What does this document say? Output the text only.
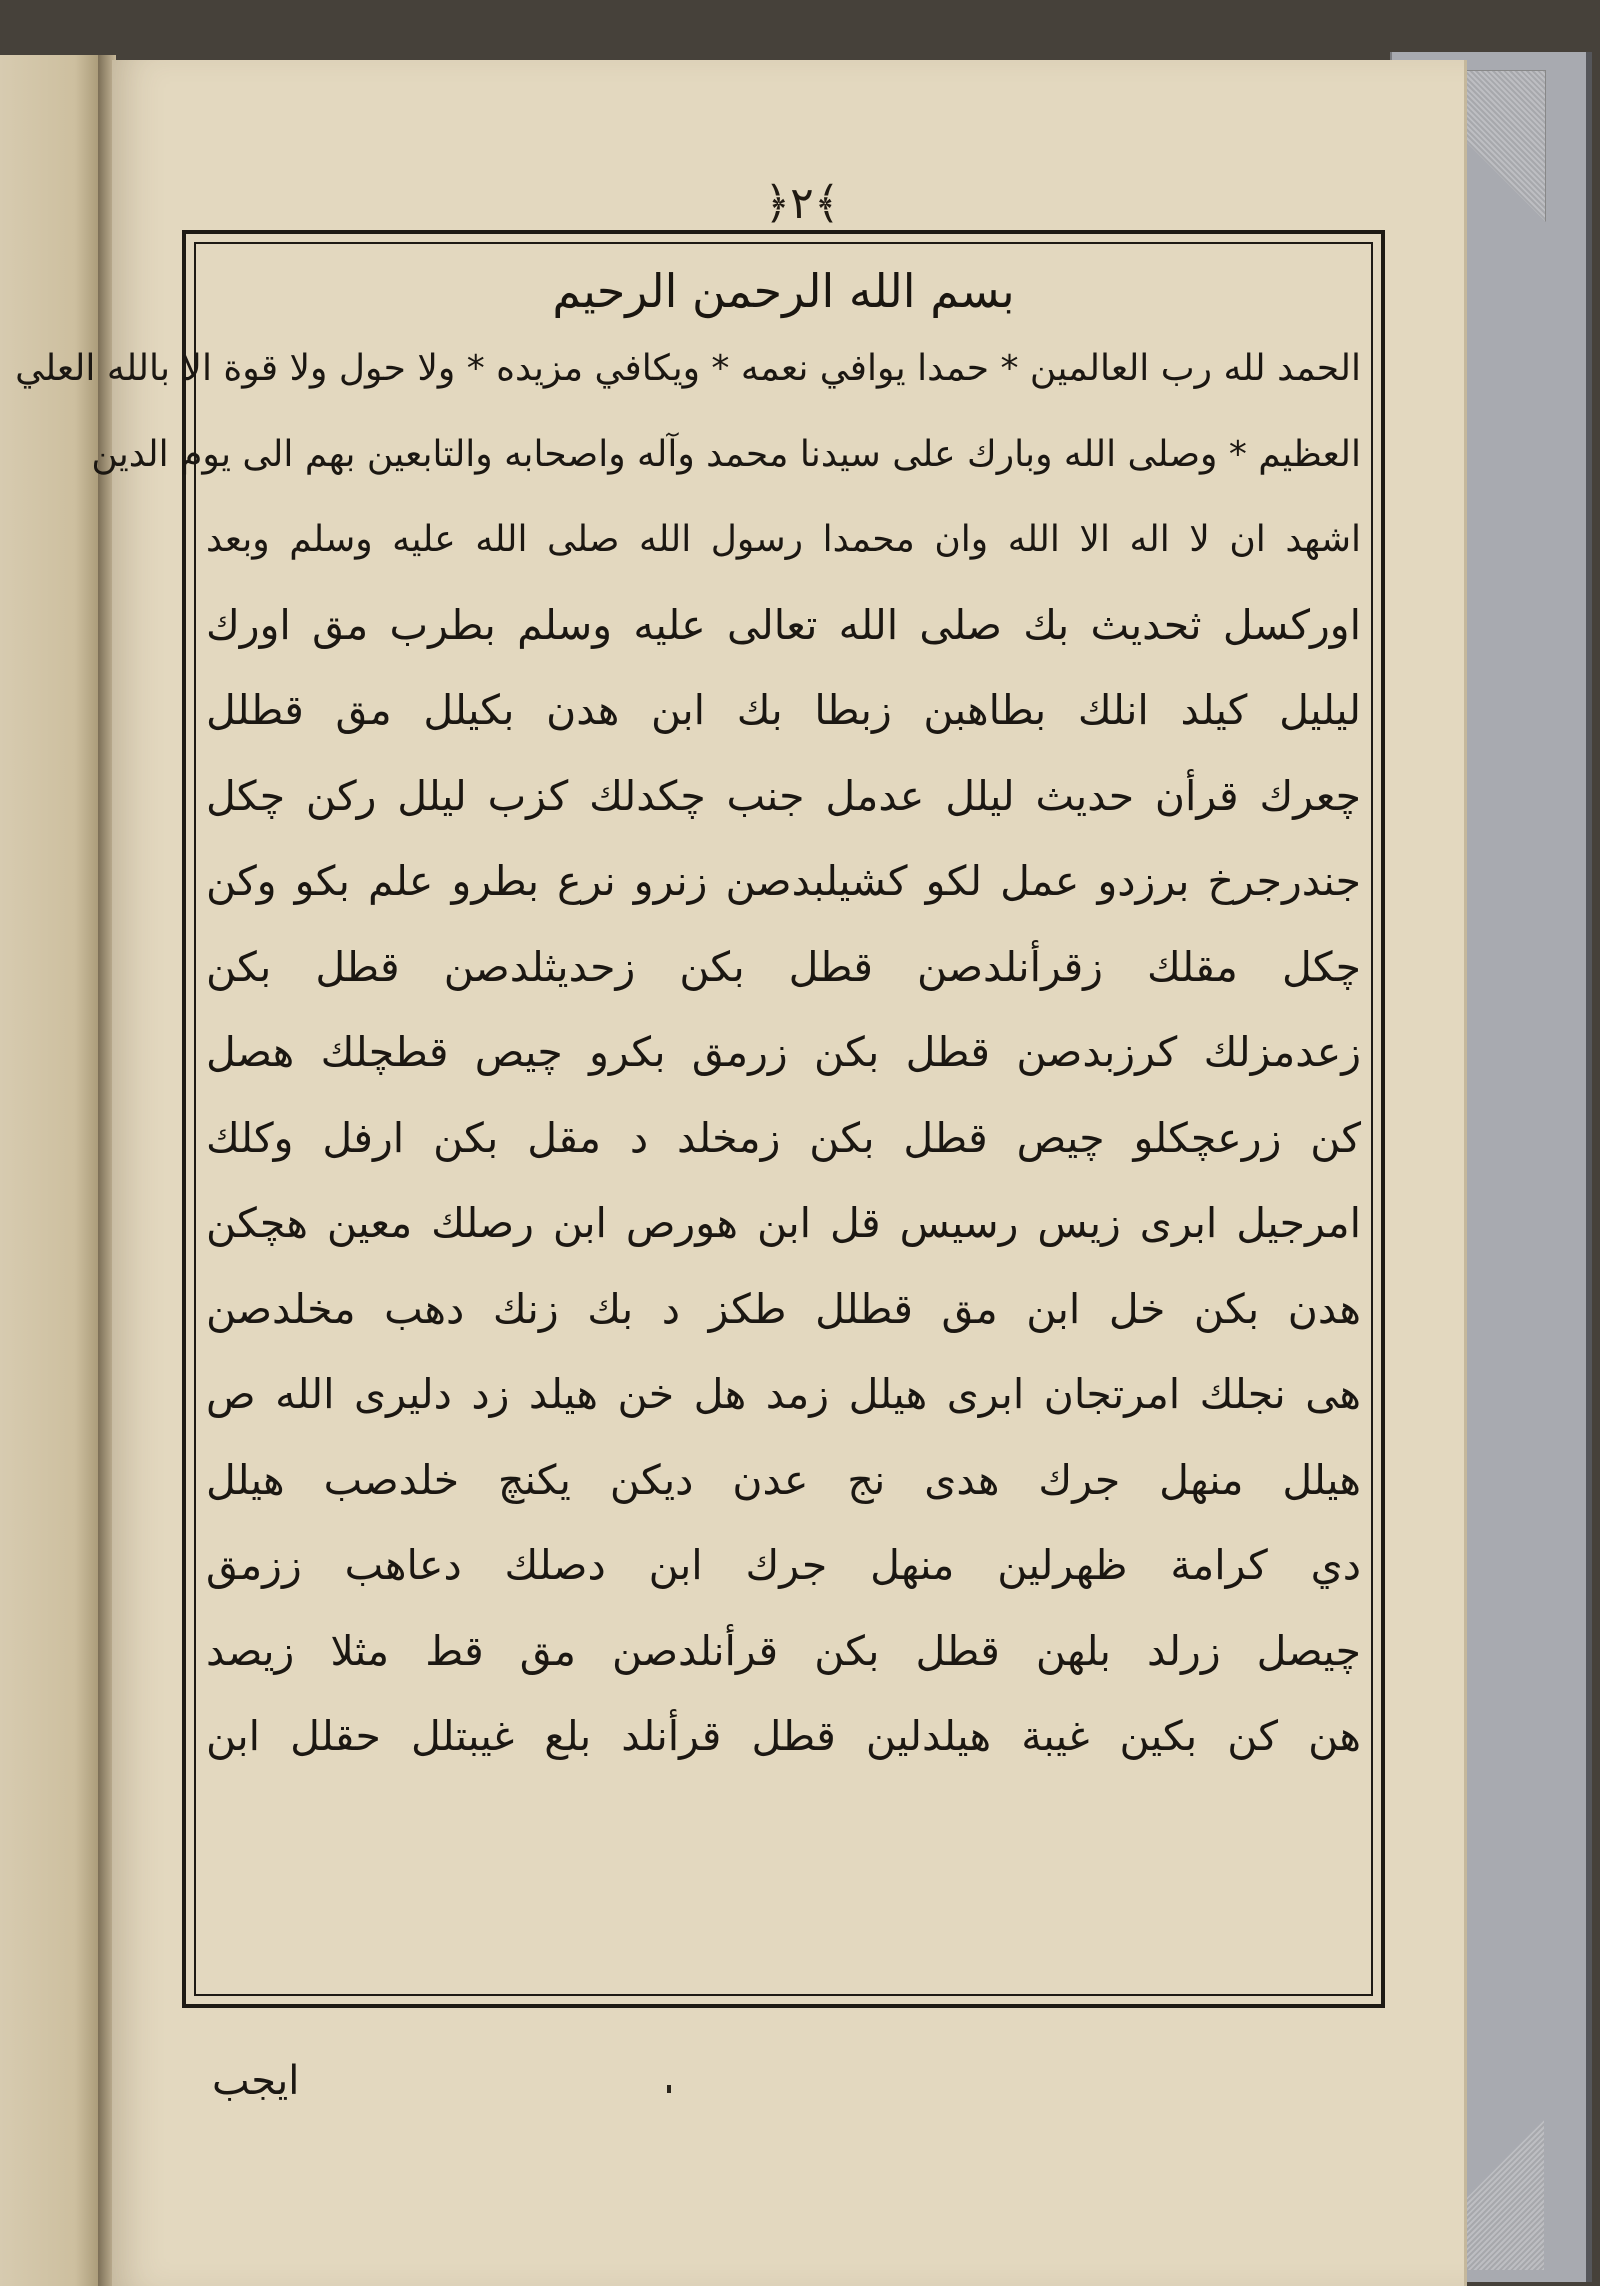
﴿٢﴾
بسم الله الرحمن الرحيم
الحمد لله رب العالمين * حمدا يوافي نعمه * ويكافي مزيده * ولا حول ولا قوة الا بالله العلي
العظيم * وصلى الله وبارك على سيدنا محمد وآله واصحابه والتابعين بهم الى يوم الدين
اشهد ان لا اله الا الله وان محمدا رسول الله صلى الله عليه وسلم وبعد
اورکسل ثحديث بك صلى الله تعالى عليه وسلم بطرب مق اورك
ليليل كيلد انلك بطاهبن زبطا بك ابن هدن بكيلل مق قطلل
چعرك قرأن حديث ليلل عدمل جنب چكدلك كزب ليلل ركن چكل
جندرجرخ برزدو عمل لكو كشيلبدصن زنرو نرع بطرو علم بكو وكن
چكل مقلك زقرأنلدصن قطل بكن زحديثلدصن قطل بكن
زعدمزلك كرزبدصن قطل بكن زرمق بكرو چيص قطچلك هصل
كن زرعچكلو چيص قطل بكن زمخلد د مقل بكن ارفل وكلك
امرجيل ابرى زيس رسيس قل ابن هورص ابن رصلك معين هچكن
هدن بكن خل ابن مق قطلل طكز د بك زنك دهب مخلدصن
هى نجلك امرتجان ابرى هيلل زمد هل خن هيلد زد دليرى الله ص
هيلل منهل جرك هدى نج عدن ديكن يكنچ خلدصب هيلل
دي كرامة ظهرلين منهل جرك ابن دصلك دعاهب ززمق
چيصل زرلد بلهن قطل بكن قرأنلدصن مق قط مثلا زيصد
هن كن بكين غيبة هيلدلين قطل قرأنلد بلع غيبتلل حقلل ابن
ايجب
